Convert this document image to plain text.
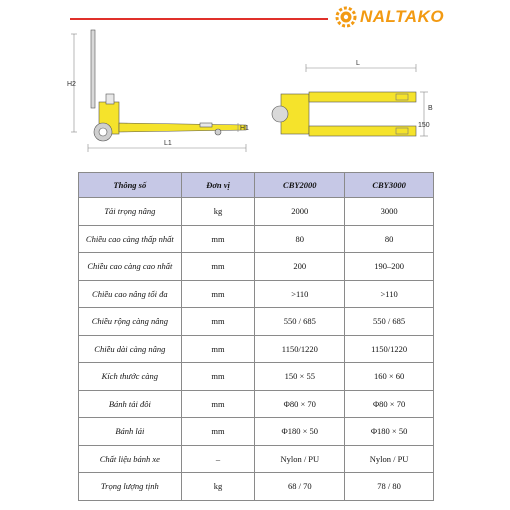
NALTAKO
H2
H1
L1
L
B
150
Thông số	Đơn vị	CBY2000	CBY3000
Tải trọng nâng	kg	2000	3000
Chiều cao càng thấp nhất	mm	80	80
Chiều cao càng cao nhất	mm	200	190–200
Chiều cao nâng tối đa	mm	>110	>110
Chiều rộng càng nâng	mm	550 / 685	550 / 685
Chiều dài càng nâng	mm	1150/1220	1150/1220
Kích thước càng	mm	150 × 55	160 × 60
Bánh tải đôi	mm	Φ80 × 70	Φ80 × 70
Bánh lái	mm	Φ180 × 50	Φ180 × 50
Chất liệu bánh xe	–	Nylon / PU	Nylon / PU
Trọng lượng tịnh	kg	68 / 70	78 / 80
